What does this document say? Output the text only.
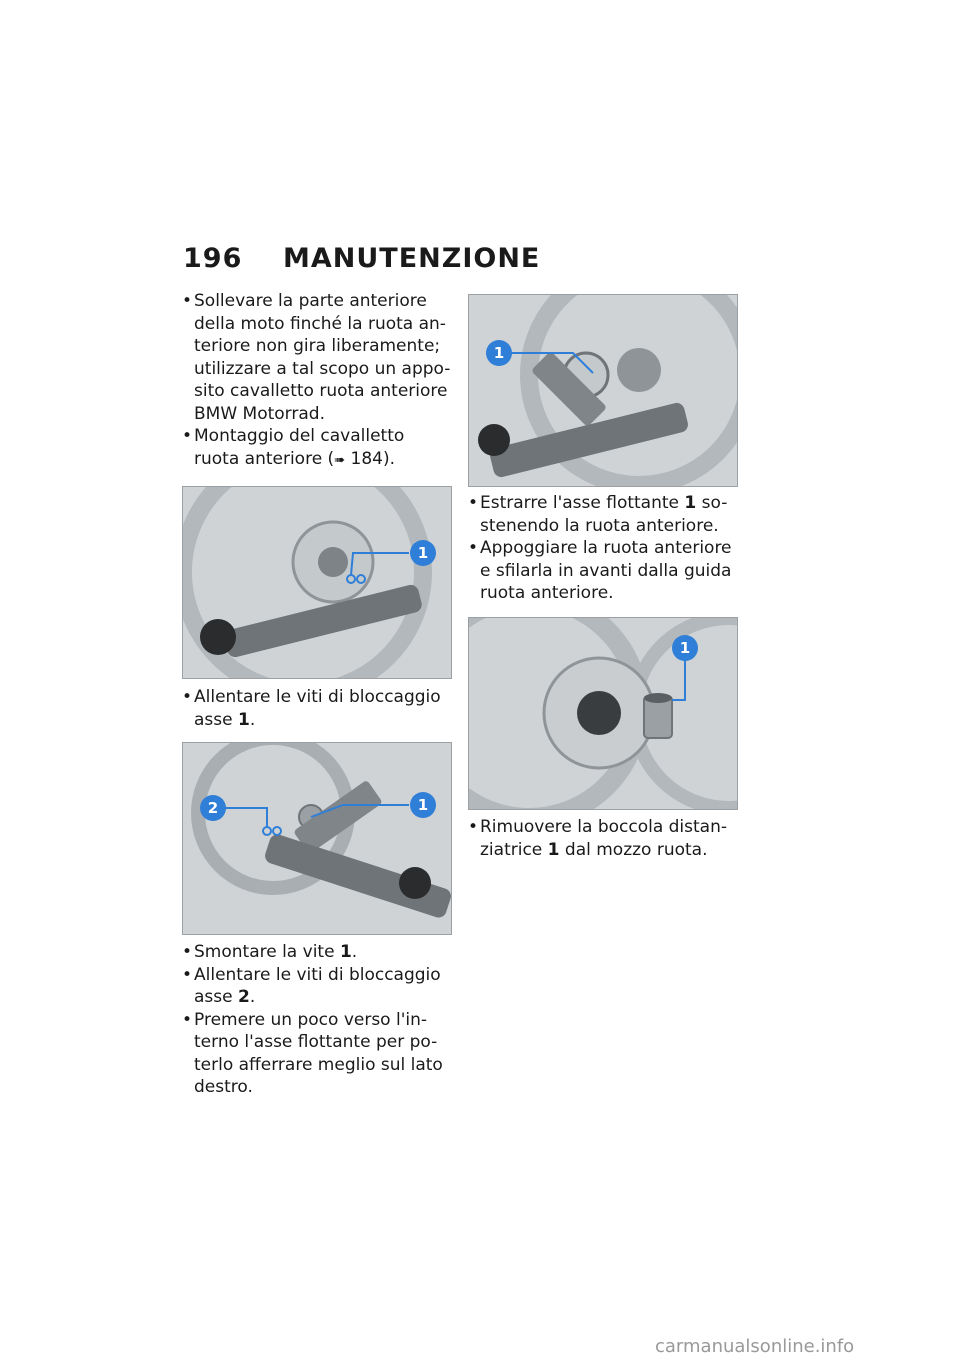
196 MANUTENZIONE

• Sollevare la parte anteriore della moto finché la ruota an-teriore non gira liberamente; utilizzare a tal scopo un appo-sito cavalletto ruota anteriore BMW Motorrad.

• Montaggio del cavalletto ruota anteriore (➠ 184).

1

• Allentare le viti di bloccaggio asse 1.

2	1

• Smontare la vite 1.

• Allentare le viti di bloccaggio asse 2.

• Premere un poco verso l'in-terno l'asse flottante per po-terlo afferrare meglio sul lato destro.

1

• Estrarre l'asse flottante 1 so-stenendo la ruota anteriore.

• Appoggiare la ruota anteriore e sfilarla in avanti dalla guida ruota anteriore.

1

• Rimuovere la boccola distan-ziatrice 1 dal mozzo ruota.

carmanualsonline.info
